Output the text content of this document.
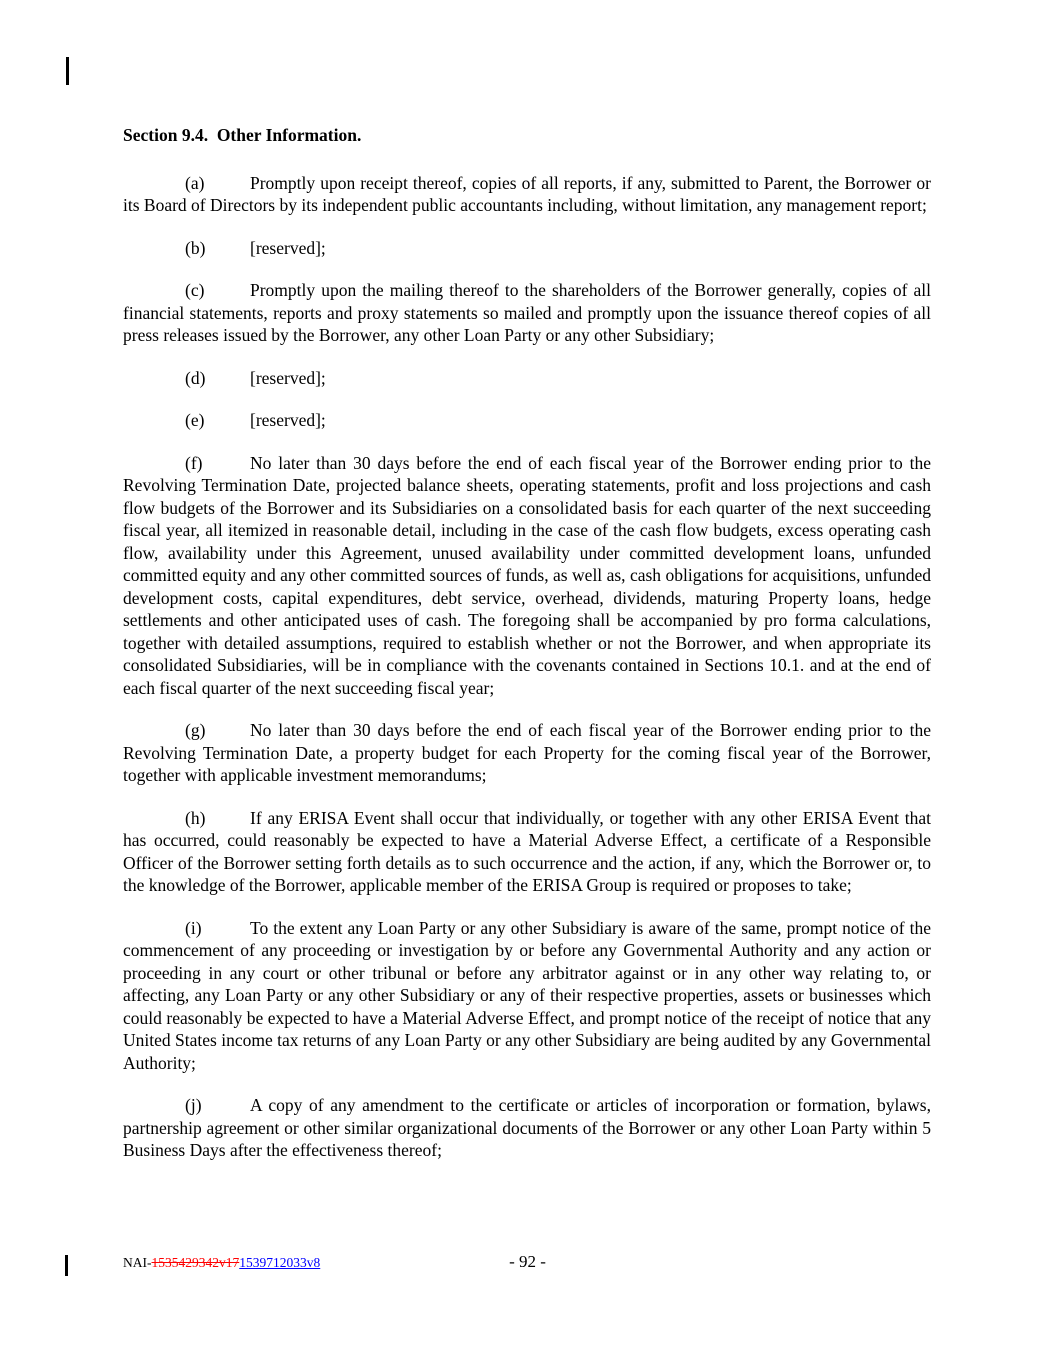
Section 9.4.  Other Information.

(a)	Promptly upon receipt thereof, copies of all reports, if any, submitted to Parent, the Borrower or its Board of Directors by its independent public accountants including, without limitation, any management report;

(b)	[reserved];

(c)	Promptly upon the mailing thereof to the shareholders of the Borrower generally, copies of all financial statements, reports and proxy statements so mailed and promptly upon the issuance thereof copies of all press releases issued by the Borrower, any other Loan Party or any other Subsidiary;

(d)	[reserved];

(e)	[reserved];

(f)	No later than 30 days before the end of each fiscal year of the Borrower ending prior to the Revolving Termination Date, projected balance sheets, operating statements, profit and loss projections and cash flow budgets of the Borrower and its Subsidiaries on a consolidated basis for each quarter of the next succeeding fiscal year, all itemized in reasonable detail, including in the case of the cash flow budgets, excess operating cash flow, availability under this Agreement, unused availability under committed development loans, unfunded committed equity and any other committed sources of funds, as well as, cash obligations for acquisitions, unfunded development costs, capital expenditures, debt service, overhead, dividends, maturing Property loans, hedge settlements and other anticipated uses of cash. The foregoing shall be accompanied by pro forma calculations, together with detailed assumptions, required to establish whether or not the Borrower, and when appropriate its consolidated Subsidiaries, will be in compliance with the covenants contained in Sections 10.1. and at the end of each fiscal quarter of the next succeeding fiscal year;

(g)	No later than 30 days before the end of each fiscal year of the Borrower ending prior to the Revolving Termination Date, a property budget for each Property for the coming fiscal year of the Borrower, together with applicable investment memorandums;

(h)	If any ERISA Event shall occur that individually, or together with any other ERISA Event that has occurred, could reasonably be expected to have a Material Adverse Effect, a certificate of a Responsible Officer of the Borrower setting forth details as to such occurrence and the action, if any, which the Borrower or, to the knowledge of the Borrower, applicable member of the ERISA Group is required or proposes to take;

(i)	To the extent any Loan Party or any other Subsidiary is aware of the same, prompt notice of the commencement of any proceeding or investigation by or before any Governmental Authority and any action or proceeding in any court or other tribunal or before any arbitrator against or in any other way relating to, or affecting, any Loan Party or any other Subsidiary or any of their respective properties, assets or businesses which could reasonably be expected to have a Material Adverse Effect, and prompt notice of the receipt of notice that any United States income tax returns of any Loan Party or any other Subsidiary are being audited by any Governmental Authority;

(j)	A copy of any amendment to the certificate or articles of incorporation or formation, bylaws, partnership agreement or other similar organizational documents of the Borrower or any other Loan Party within 5 Business Days after the effectiveness thereof;

NAI-1535429342v171539712033v8	- 92 -
